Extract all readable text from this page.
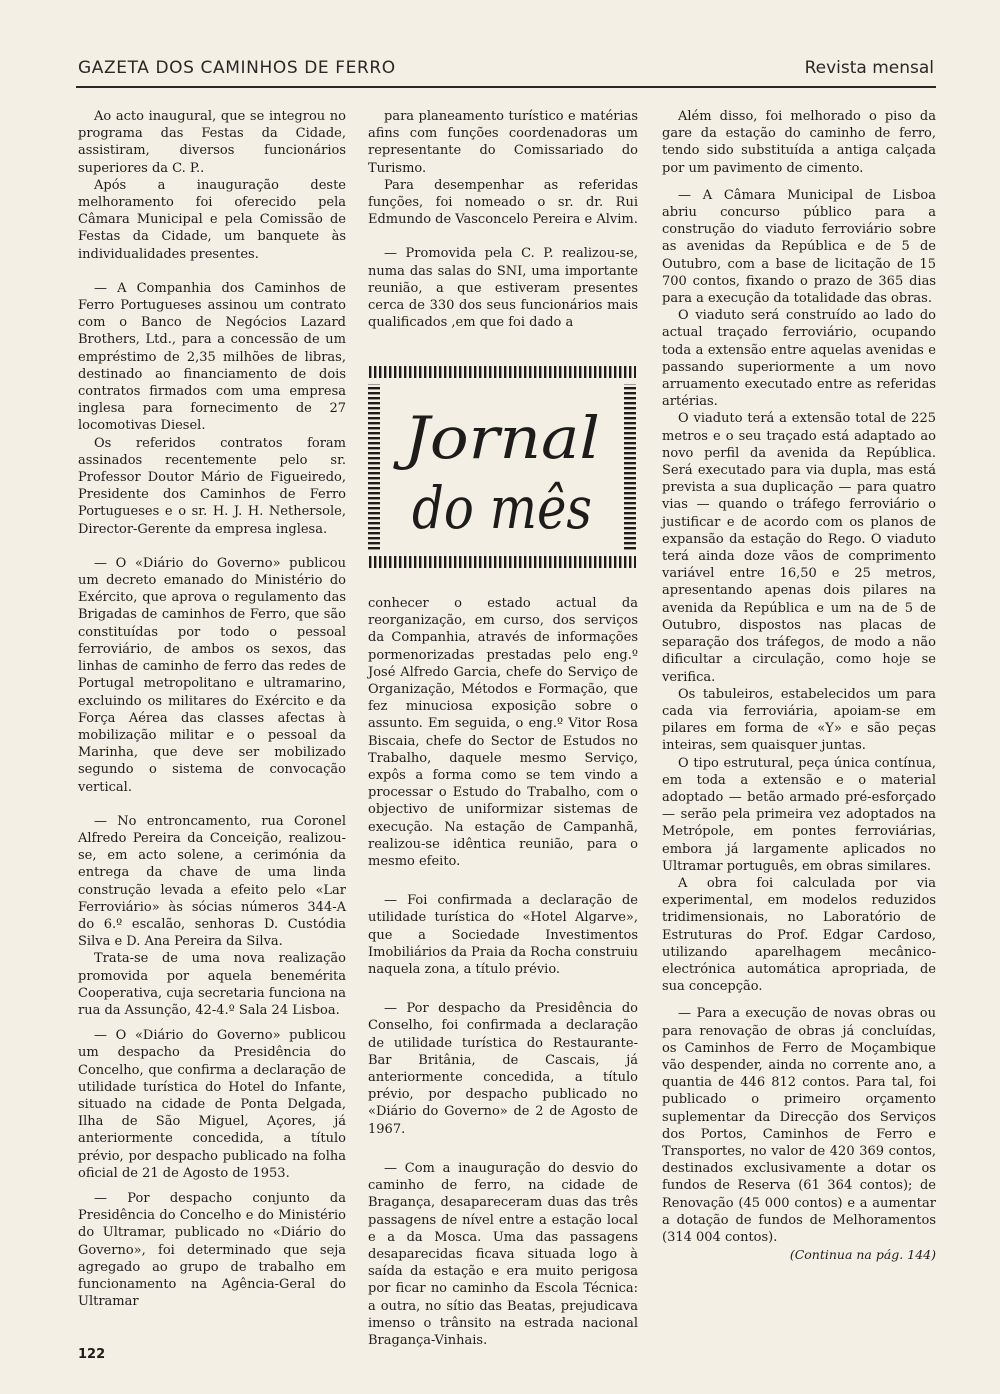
GAZETA DOS CAMINHOS DE FERRO	Revista mensal

Ao acto inaugural, que se integrou no programa das Festas da Cidade, assistiram, diversos funcionários superiores da C. P..

Após a inauguração deste melhoramento foi oferecido pela Câmara Municipal e pela Comissão de Festas da Cidade, um banquete às individualidades presentes.

— A Companhia dos Caminhos de Ferro Portugueses assinou um contrato com o Banco de Negócios Lazard Brothers, Ltd., para a concessão de um empréstimo de 2,35 milhões de libras, destinado ao financiamento de dois contratos firmados com uma empresa inglesa para fornecimento de 27 locomotivas Diesel.

Os referidos contratos foram assinados recentemente pelo sr. Professor Doutor Mário de Figueiredo, Presidente dos Caminhos de Ferro Portugueses e o sr. H. J. H. Nethersole, Director-Gerente da empresa inglesa.

— O «Diário do Governo» publicou um decreto emanado do Ministério do Exército, que aprova o regulamento das Brigadas de caminhos de Ferro, que são constituídas por todo o pessoal ferroviário, de ambos os sexos, das linhas de caminho de ferro das redes de Portugal metropolitano e ultramarino, excluindo os militares do Exército e da Força Aérea das classes afectas à mobilização militar e o pessoal da Marinha, que deve ser mobilizado segundo o sistema de convocação vertical.

— No entroncamento, rua Coronel Alfredo Pereira da Conceição, realizou-se, em acto solene, a cerimónia da entrega da chave de uma linda construção levada a efeito pelo «Lar Ferroviário» às sócias números 344-A do 6.º escalão, senhoras D. Custódia Silva e D. Ana Pereira da Silva.

Trata-se de uma nova realização promovida por aquela benemérita Cooperativa, cuja secretaria funciona na rua da Assunção, 42-4.º Sala 24 Lisboa.

— O «Diário do Governo» publicou um despacho da Presidência do Concelho, que confirma a declaração de utilidade turística do Hotel do Infante, situado na cidade de Ponta Delgada, Ilha de São Miguel, Açores, já anteriormente concedida, a título prévio, por despacho publicado na folha oficial de 21 de Agosto de 1953.

— Por despacho conjunto da Presidência do Concelho e do Ministério do Ultramar, publicado no «Diário do Governo», foi determinado que seja agregado ao grupo de trabalho em funcionamento na Agência-Geral do Ultramar

para planeamento turístico e matérias afins com funções coordenadoras um representante do Comissariado do Turismo.

Para desempenhar as referidas funções, foi nomeado o sr. dr. Rui Edmundo de Vasconcelo Pereira e Alvim.

— Promovida pela C. P. realizou-se, numa das salas do SNI, uma importante reunião, a que estiveram presentes cerca de 330 dos seus funcionários mais qualificados ,em que foi dado a

Jornal
do mês

conhecer o estado actual da reorganização, em curso, dos serviços da Companhia, através de informações pormenorizadas prestadas pelo eng.º José Alfredo Garcia, chefe do Serviço de Organização, Métodos e Formação, que fez minuciosa exposição sobre o assunto. Em seguida, o eng.º Vitor Rosa Biscaia, chefe do Sector de Estudos no Trabalho, daquele mesmo Serviço, expôs a forma como se tem vindo a processar o Estudo do Trabalho, com o objectivo de uniformizar sistemas de execução. Na estação de Campanhã, realizou-se idêntica reunião, para o mesmo efeito.

— Foi confirmada a declaração de utilidade turística do «Hotel Algarve», que a Sociedade Investimentos Imobiliários da Praia da Rocha construiu naquela zona, a título prévio.

— Por despacho da Presidência do Conselho, foi confirmada a declaração de utilidade turística do Restaurante-Bar Britânia, de Cascais, já anteriormente concedida, a título prévio, por despacho publicado no «Diário do Governo» de 2 de Agosto de 1967.

— Com a inauguração do desvio do caminho de ferro, na cidade de Bragança, desapareceram duas das três passagens de nível entre a estação local e a da Mosca. Uma das passagens desaparecidas ficava situada logo à saída da estação e era muito perigosa por ficar no caminho da Escola Técnica: a outra, no sítio das Beatas, prejudicava imenso o trânsito na estrada nacional Bragança-Vinhais.

Além disso, foi melhorado o piso da gare da estação do caminho de ferro, tendo sido substituída a antiga calçada por um pavimento de cimento.

— A Câmara Municipal de Lisboa abriu concurso público para a construção do viaduto ferroviário sobre as avenidas da República e de 5 de Outubro, com a base de licitação de 15 700 contos, fixando o prazo de 365 dias para a execução da totalidade das obras.

O viaduto será construído ao lado do actual traçado ferroviário, ocupando toda a extensão entre aquelas avenidas e passando superiormente a um novo arruamento executado entre as referidas artérias.

O viaduto terá a extensão total de 225 metros e o seu traçado está adaptado ao novo perfil da avenida da República. Será executado para via dupla, mas está prevista a sua duplicação — para quatro vias — quando o tráfego ferroviário o justificar e de acordo com os planos de expansão da estação do Rego. O viaduto terá ainda doze vãos de comprimento variável entre 16,50 e 25 metros, apresentando apenas dois pilares na avenida da República e um na de 5 de Outubro, dispostos nas placas de separação dos tráfegos, de modo a não dificultar a circulação, como hoje se verifica.

Os tabuleiros, estabelecidos um para cada via ferroviária, apoiam-se em pilares em forma de «Y» e são peças inteiras, sem quaisquer juntas.

O tipo estrutural, peça única contínua, em toda a extensão e o material adoptado — betão armado pré-esforçado — serão pela primeira vez adoptados na Metrópole, em pontes ferroviárias, embora já largamente aplicados no Ultramar português, em obras similares.

A obra foi calculada por via experimental, em modelos reduzidos tridimensionais, no Laboratório de Estruturas do Prof. Edgar Cardoso, utilizando aparelhagem mecânico-electrónica automática apropriada, de sua concepção.

— Para a execução de novas obras ou para renovação de obras já concluídas, os Caminhos de Ferro de Moçambique vão despender, ainda no corrente ano, a quantia de 446 812 contos. Para tal, foi publicado o primeiro orçamento suplementar da Direcção dos Serviços dos Portos, Caminhos de Ferro e Transportes, no valor de 420 369 contos, destinados exclusivamente a dotar os fundos de Reserva (61 364 contos); de Renovação (45 000 contos) e a aumentar a dotação de fundos de Melhoramentos (314 004 contos).

(Continua na pág. 144)

122
